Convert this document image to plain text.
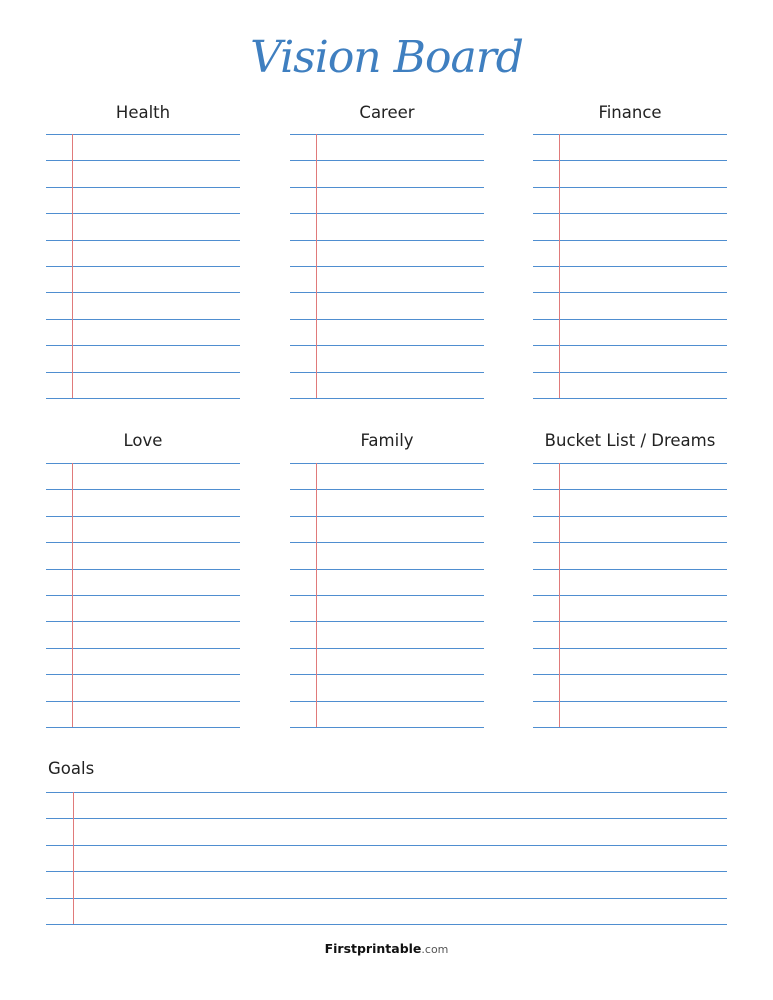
Vision Board
Health	Career	Finance
Love	Family	Bucket List / Dreams
Goals
Firstprintable.com
